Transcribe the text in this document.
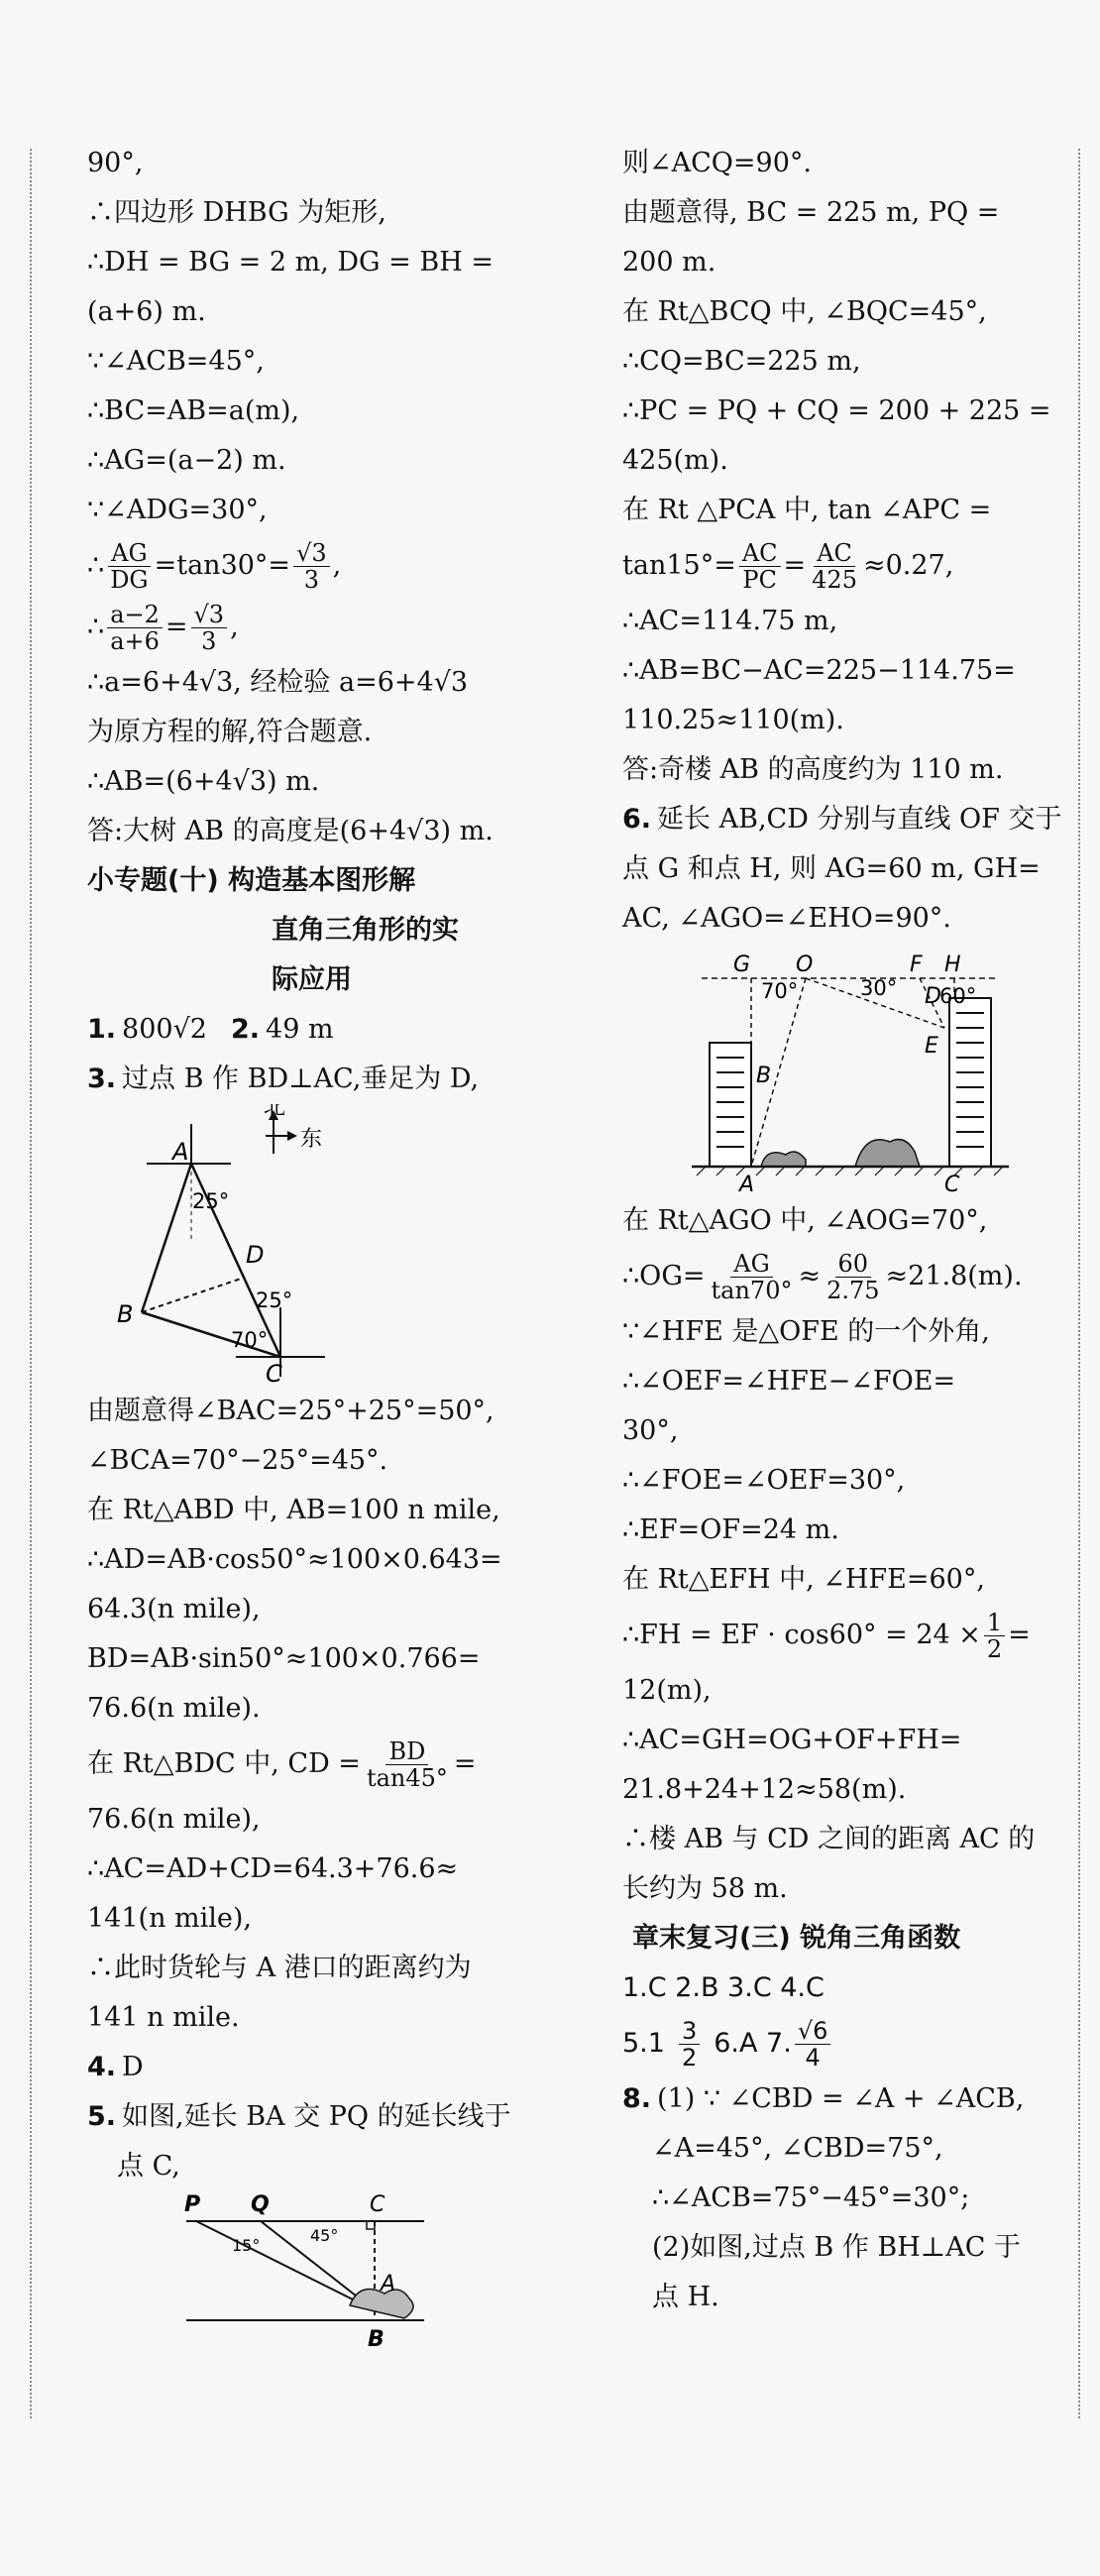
90°,
∴四边形 DHBG 为矩形,
∴DH = BG = 2 m, DG = BH =
(a+6) m.
∵∠ACB=45°,
∴BC=AB=a(m),
∴AG=(a−2) m.
∵∠ADG=30°,
∴ $\frac{AG}{DG} =\tan 30^\circ= \frac{√3}{3}$ ,
∴ $\frac{a-2}{a+6} = \frac{√3}{3}$ ,
∴a=6+4√3, 经检验 a=6+4√3
为原方程的解,符合题意.
∴AB=(6+4√3) m.
答:大树 AB 的高度是(6+4√3) m.
小专题(十) 构造基本图形解
直角三角形的实
际应用
1. 800√2 2. 49 m
3. 过点 B 作 BD⊥AC,垂足为 D,
北
东
A
B
C
D
25°
25°
70°
由题意得∠BAC=25°+25°=50°,
∠BCA=70°−25°=45°.
在 Rt△ABD 中, AB=100 n mile,
∴AD=AB·cos50°≈100×0.643=
64.3(n mile),
BD=AB·sin50°≈100×0.766=
76.6(n mile).
在 Rt△BDC 中, CD = $\frac{BD}{\tan 45^\circ}$ =
76.6(n mile),
∴AC=AD+CD=64.3+76.6≈
141(n mile),
∴此时货轮与 A 港口的距离约为
141 n mile.
4. D
5. 如图,延长 BA 交 PQ 的延长线于
点 C,
P Q	C
A
B
15°
45°
则∠ACQ=90°.
由题意得, BC = 225 m, PQ =
200 m.
在 Rt△BCQ 中, ∠BQC=45°,
∴CQ=BC=225 m,
∴PC = PQ + CQ = 200 + 225 =
425(m).
在 Rt △PCA 中, tan ∠APC =
$\tan 15^\circ= \frac{AC}{PC} = \frac{AC}{425} \approx 0.27$,
∴AC=114.75 m,
∴AB=BC−AC=225−114.75=
110.25≈110(m).
答:奇楼 AB 的高度约为 110 m.
6. 延长 AB,CD 分别与直线 OF 交于
点 G 和点 H, 则 AG=60 m, GH=
AC, ∠AGO=∠EHO=90°.
G O	F H
D
E
B
A	C
70°	30° 60°
在 Rt△AGO 中, ∠AOG=70°,
∴OG= $\frac{AG}{\tan 70^\circ} \approx \frac{60}{2.75} \approx 21.8(m)$.
∵∠HFE 是△OFE 的一个外角,
∴∠OEF=∠HFE−∠FOE=
30°,
∴∠FOE=∠OEF=30°,
∴EF=OF=24 m.
在 Rt△EFH 中, ∠HFE=60°,
∴FH = EF · $\cos 60^\circ = 24 \times \frac{1}{2}$ =
12(m),
∴AC=GH=OG+OF+FH=
21.8+24+12≈58(m).
∴楼 AB 与 CD 之间的距离 AC 的
长约为 58 m.
章末复习(三) 锐角三角函数
1.C 2.B 3.C 4.C
$5.1 \frac{3}{2} 6.A$ 7. $\frac{√6}{4}$
8. (1) ∵ ∠CBD = ∠A + ∠ACB,
∠A=45°, ∠CBD=75°,
∴∠ACB=75°−45°=30°;
(2)如图,过点 B 作 BH⊥AC 于
点 H.
